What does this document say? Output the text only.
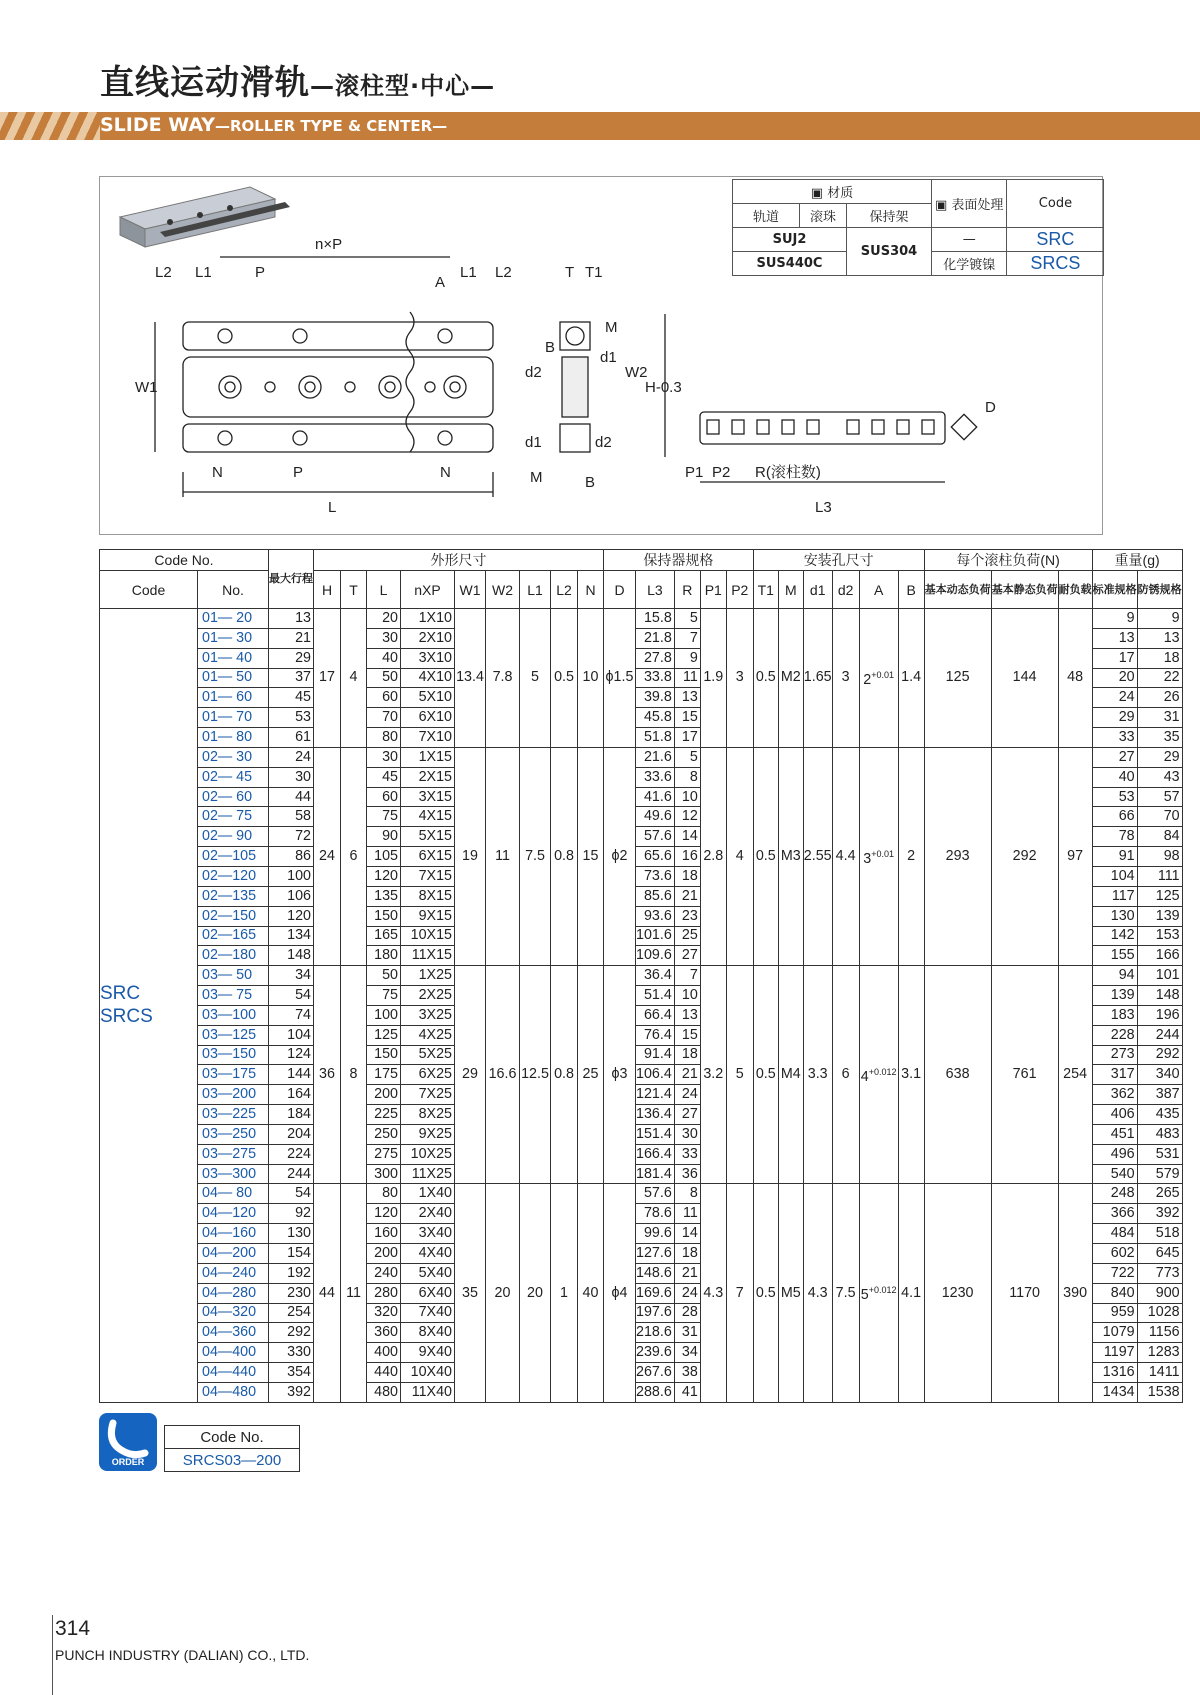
直线运动滑轨—滚柱型·中心—
SLIDE WAY—ROLLER TYPE & CENTER—
n×P
L2 L1	P
A
L1 L2
W1
N	P	N
L
T T1
M
B
d1
d2	W2
H-0.3
d1	d2
M	B
P1 P2 R(滚柱数)
L3
D
▣ 材质			▣ 表面处理	Code
轨道	滚珠	保持架		
SUJ2		SUS304	—	SRC
SUS440C			化学镀镍	SRCS
Code No.		最大行程	外形尺寸									保持器规格					安装孔尺寸						每个滚柱负荷(N)			重量(g)	
Code	No.		H	T	L	nXP	W1	W2	L1	L2	N	D	L3	R	P1	P2	T1	M	d1	d2	A	B	基本动态负荷	基本静态负荷	耐负载	标准规格	防锈规格

SRC
SRCS	01— 20	13	17	4	20	1X10	13.4	7.8	5	0.5	10	ϕ1.5	15.8	5	1.9	3	0.5	M2	1.65	3	$2^{+0.01}$	1.4	125	144	48	9	9
	01— 30	21			30	2X10							21.8	7												13	13
	01— 40	29			40	3X10							27.8	9												17	18
	01— 50	37			50	4X10							33.8	11												20	22
	01— 60	45			60	5X10							39.8	13												24	26
	01— 70	53			70	6X10							45.8	15												29	31
	01— 80	61			80	7X10							51.8	17												33	35
	02— 30	24	24	6	30	1X15	19	11	7.5	0.8	15	ϕ2	21.6	5	2.8	4	0.5	M3	2.55	4.4	$3^{+0.01}$	2	293	292	97	27	29
	02— 45	30			45	2X15							33.6	8												40	43
	02— 60	44			60	3X15							41.6	10												53	57
	02— 75	58			75	4X15							49.6	12												66	70
	02— 90	72			90	5X15							57.6	14												78	84
	02—105	86			105	6X15							65.6	16												91	98
	02—120	100			120	7X15							73.6	18												104	111
	02—135	106			135	8X15							85.6	21												117	125
	02—150	120			150	9X15							93.6	23												130	139
	02—165	134			165	10X15							101.6	25												142	153
	02—180	148			180	11X15							109.6	27												155	166
	03— 50	34	36	8	50	1X25	29	16.6	12.5	0.8	25	ϕ3	36.4	7	3.2	5	0.5	M4	3.3	6	$4^{+0.012}$	3.1	638	761	254	94	101
	03— 75	54			75	2X25							51.4	10												139	148
	03—100	74			100	3X25							66.4	13												183	196
	03—125	104			125	4X25							76.4	15												228	244
	03—150	124			150	5X25							91.4	18												273	292
	03—175	144			175	6X25							106.4	21												317	340
	03—200	164			200	7X25							121.4	24												362	387
	03—225	184			225	8X25							136.4	27												406	435
	03—250	204			250	9X25							151.4	30												451	483
	03—275	224			275	10X25							166.4	33												496	531
	03—300	244			300	11X25							181.4	36												540	579
	04— 80	54	44	11	80	1X40	35	20	20	1	40	ϕ4	57.6	8	4.3	7	0.5	M5	4.3	7.5	$5^{+0.012}$	4.1	1230	1170	390	248	265
	04—120	92			120	2X40							78.6	11												366	392
	04—160	130			160	3X40							99.6	14												484	518
	04—200	154			200	4X40							127.6	18												602	645
	04—240	192			240	5X40							148.6	21												722	773
	04—280	230			280	6X40							169.6	24												840	900
	04—320	254			320	7X40							197.6	28												959	1028
	04—360	292			360	8X40							218.6	31												1079	1156
	04—400	330			400	9X40							239.6	34												1197	1283
	04—440	354			440	10X40							267.6	38												1316	1411
	04—480	392			480	11X40							288.6	41												1434	1538
ORDER
Code No.
SRCS03—200
314
PUNCH INDUSTRY (DALIAN) CO., LTD.
